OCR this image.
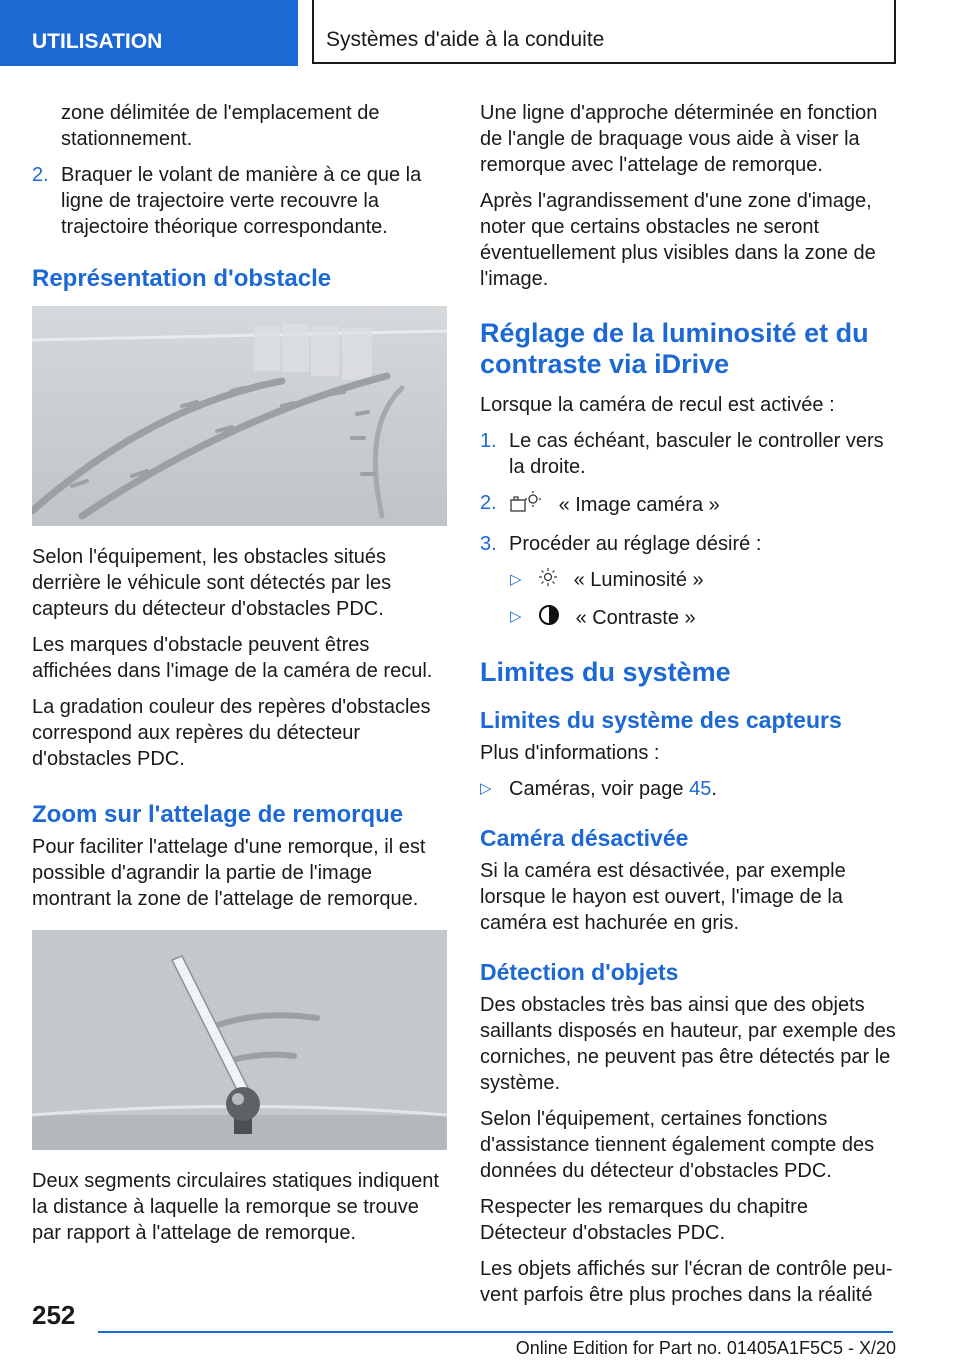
UTILISATION	Systèmes d'aide à la conduite

zone délimitée de l'emplacement de stationnement.

2. Braquer le volant de manière à ce que la ligne de trajectoire verte recouvre la trajectoire théorique correspondante.
Représentation d'obstacle

Selon l'équipement, les obstacles situés derrière le véhicule sont détectés par les capteurs du détecteur d'obstacles PDC.

Les marques d'obstacle peuvent êtres affichées dans l'image de la caméra de recul.

La gradation couleur des repères d'obstacles correspond aux repères du détecteur d'obstacles PDC.

Zoom sur l'attelage de remorque

Pour faciliter l'attelage d'une remorque, il est possible d'agrandir la partie de l'image montrant la zone de l'attelage de remorque.

Deux segments circulaires statiques indiquent la distance à laquelle la remorque se trouve par rapport à l'attelage de remorque.

Une ligne d'approche déterminée en fonction de l'angle de braquage vous aide à viser la remorque avec l'attelage de remorque.

Après l'agrandissement d'une zone d'image, noter que certains obstacles ne seront éventuellement plus visibles dans la zone de l'image.

Réglage de la luminosité et du contraste via iDrive

Lorsque la caméra de recul est activée :

1. Le cas échéant, basculer le controller vers la droite.
2.	« Image caméra »
3. Procéder au réglage désiré :
▷	« Luminosité »
▷	« Contraste »
Limites du système
Limites du système des capteurs

Plus d'informations :

▷ Caméras, voir page 45.
Caméra désactivée

Si la caméra est désactivée, par exemple lorsque le hayon est ouvert, l'image de la caméra est hachurée en gris.

Détection d'objets

Des obstacles très bas ainsi que des objets saillants disposés en hauteur, par exemple des corniches, ne peuvent pas être détectés par le système.

Selon l'équipement, certaines fonctions d'assistance tiennent également compte des données du détecteur d'obstacles PDC.

Respecter les remarques du chapitre Détecteur d'obstacles PDC.

Les objets affichés sur l'écran de contrôle peuvent parfois être plus proches dans la réalité

252
Online Edition for Part no. 01405A1F5C5 - X/20
